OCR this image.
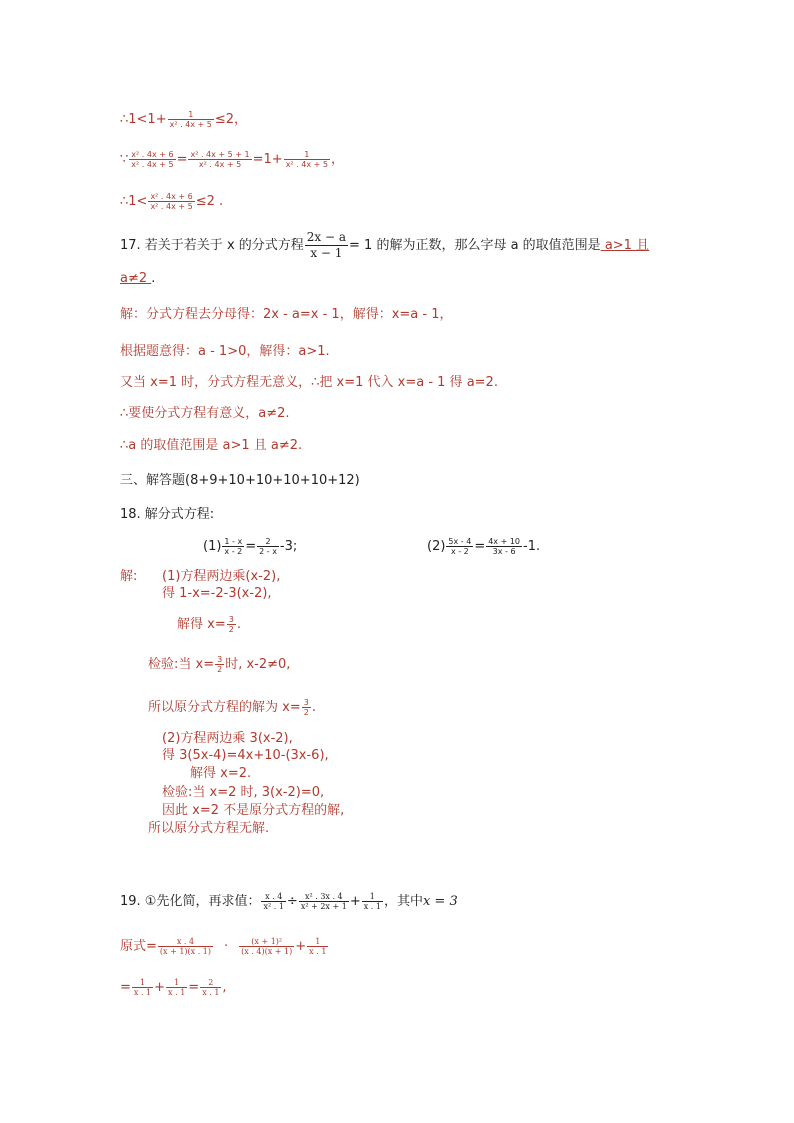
∴1<1+ $\frac{1}{\text{x² . 4x + 5}} \le 2$，
∵ $\frac{\text{x² . 4x + 6}}{\text{x² . 4x + 5}} = \frac{\text{x² . 4x + 5 + 1}}{\text{x² . 4x + 5}} =1+ \frac{1}{\text{x² . 4x + 5}}$ ，
∴1< $\frac{\text{x² . 4x + 6}}{\text{x² . 4x + 5}} \le 2$ .
17. 若关于若关于 x 的分式方程 $\frac{2x - a}{x - 1} = 1$ 的解为正数，那么字母 a 的取值范围是 a>1 且
a≠2 .
解：分式方程去分母得：2x - a=x - 1，解得：x=a - 1，
根据题意得：a - 1>0，解得：a>1.
又当 x=1 时，分式方程无意义，∴把 x=1 代入 x=a - 1 得 a=2.
∴要使分式方程有意义，a≠2.
∴a 的取值范围是 a>1 且 a≠2.
三、解答题(8+9+10+10+10+10+12)
18. 解分式方程:
$(1) \frac{1 - x}{x - 2} = \frac{2}{2 - x} -3$;	$(2) \frac{5x - 4}{x - 2} = \frac{4x + 10}{3x - 6} -1$.
解: (1)方程两边乘(x-2),
得 1-x=-2-3(x-2),
解得 $x= \frac{3}{2}$ .
检验:当 $x= \frac{3}{2}$ 时, x-2≠0,
所以原分式方程的解为 $x= \frac{3}{2}$ .
(2)方程两边乘 3(x-2),
得 3(5x-4)=4x+10-(3x-6),
解得 x=2.
检验:当 x=2 时, 3(x-2)=0,
因此 x=2 不是原分式方程的解,
所以原分式方程无解.
19. ①先化简，再求值： $\frac{x . 4}{\text{x² . 1}} \div \frac{\text{x² . 3x . 4}}{\text{x² + 2x + 1}} + \frac{1}{x . 1}$ ，其中x = 3
原式= $\frac{x . 4}{(x + 1)(x . 1)} \cdot \frac{\text{(x + 1)²}}{(x . 4)(x + 1)} + \frac{1}{x . 1}$
= $\frac{1}{x . 1} + \frac{1}{x . 1} = \frac{2}{x . 1}$ ,
